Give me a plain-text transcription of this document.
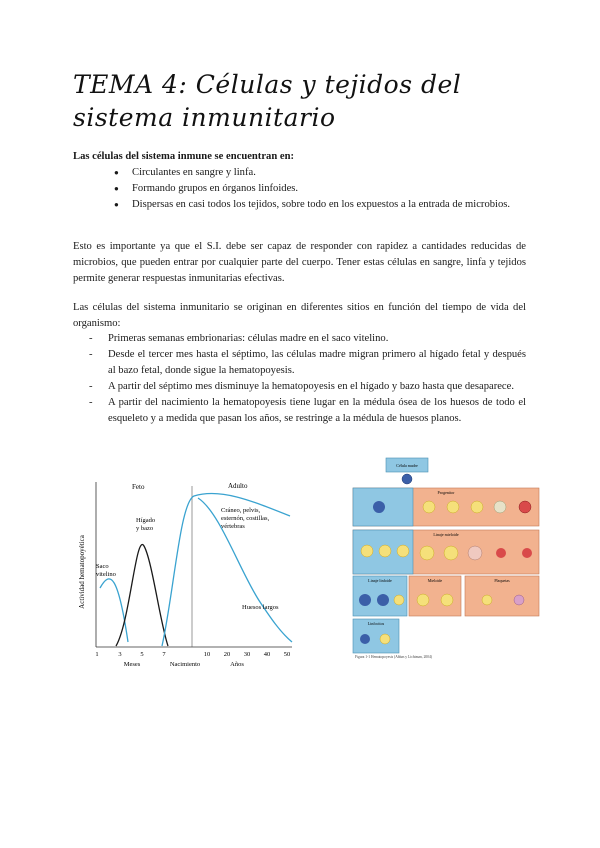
TEMA 4: Células y tejidos del sistema inmunitario
Las células del sistema inmune se encuentran en:
● Circulantes en sangre y linfa.
● Formando grupos en órganos linfoides.
● Dispersas en casi todos los tejidos, sobre todo en los expuestos a la entrada de microbios.
Esto es importante ya que el S.I. debe ser capaz de responder con rapidez a cantidades reducidas de microbios, que pueden entrar por cualquier parte del cuerpo. Tener estas células en sangre, linfa y tejidos permite generar respuestas inmunitarias efectivas.
Las células del sistema inmunitario se originan en diferentes sitios en función del tiempo de vida del organismo:
- Primeras semanas embrionarias: células madre en el saco vitelino.
- Desde el tercer mes hasta el séptimo, las células madre migran primero al hígado fetal y después al bazo fetal, donde sigue la hematopoyesis.
- A partir del séptimo mes disminuye la hematopoyesis en el hígado y bazo hasta que desaparece.
- A partir del nacimiento la hematopoyesis tiene lugar en la médula ósea de los huesos de todo el esqueleto y a medida que pasan los años, se restringe a la médula de huesos planos.
Actividad hematopoyética
Feto	Adulto
Saco vitelino
Hígado y bazo
Cráneo, pelvis, esternón, costillas, vértebras
Huesos largos
1	3	5	7	10 20 30 40 50
Meses	Nacimiento	Años
Célula madre
Progenitor
Linaje mieloide
Linaje linfoide	Mieloide	Plaquetas
Linfocitos
Figura 1-1 Hematopoyesis (Abbas y Lichtman, 2004)
